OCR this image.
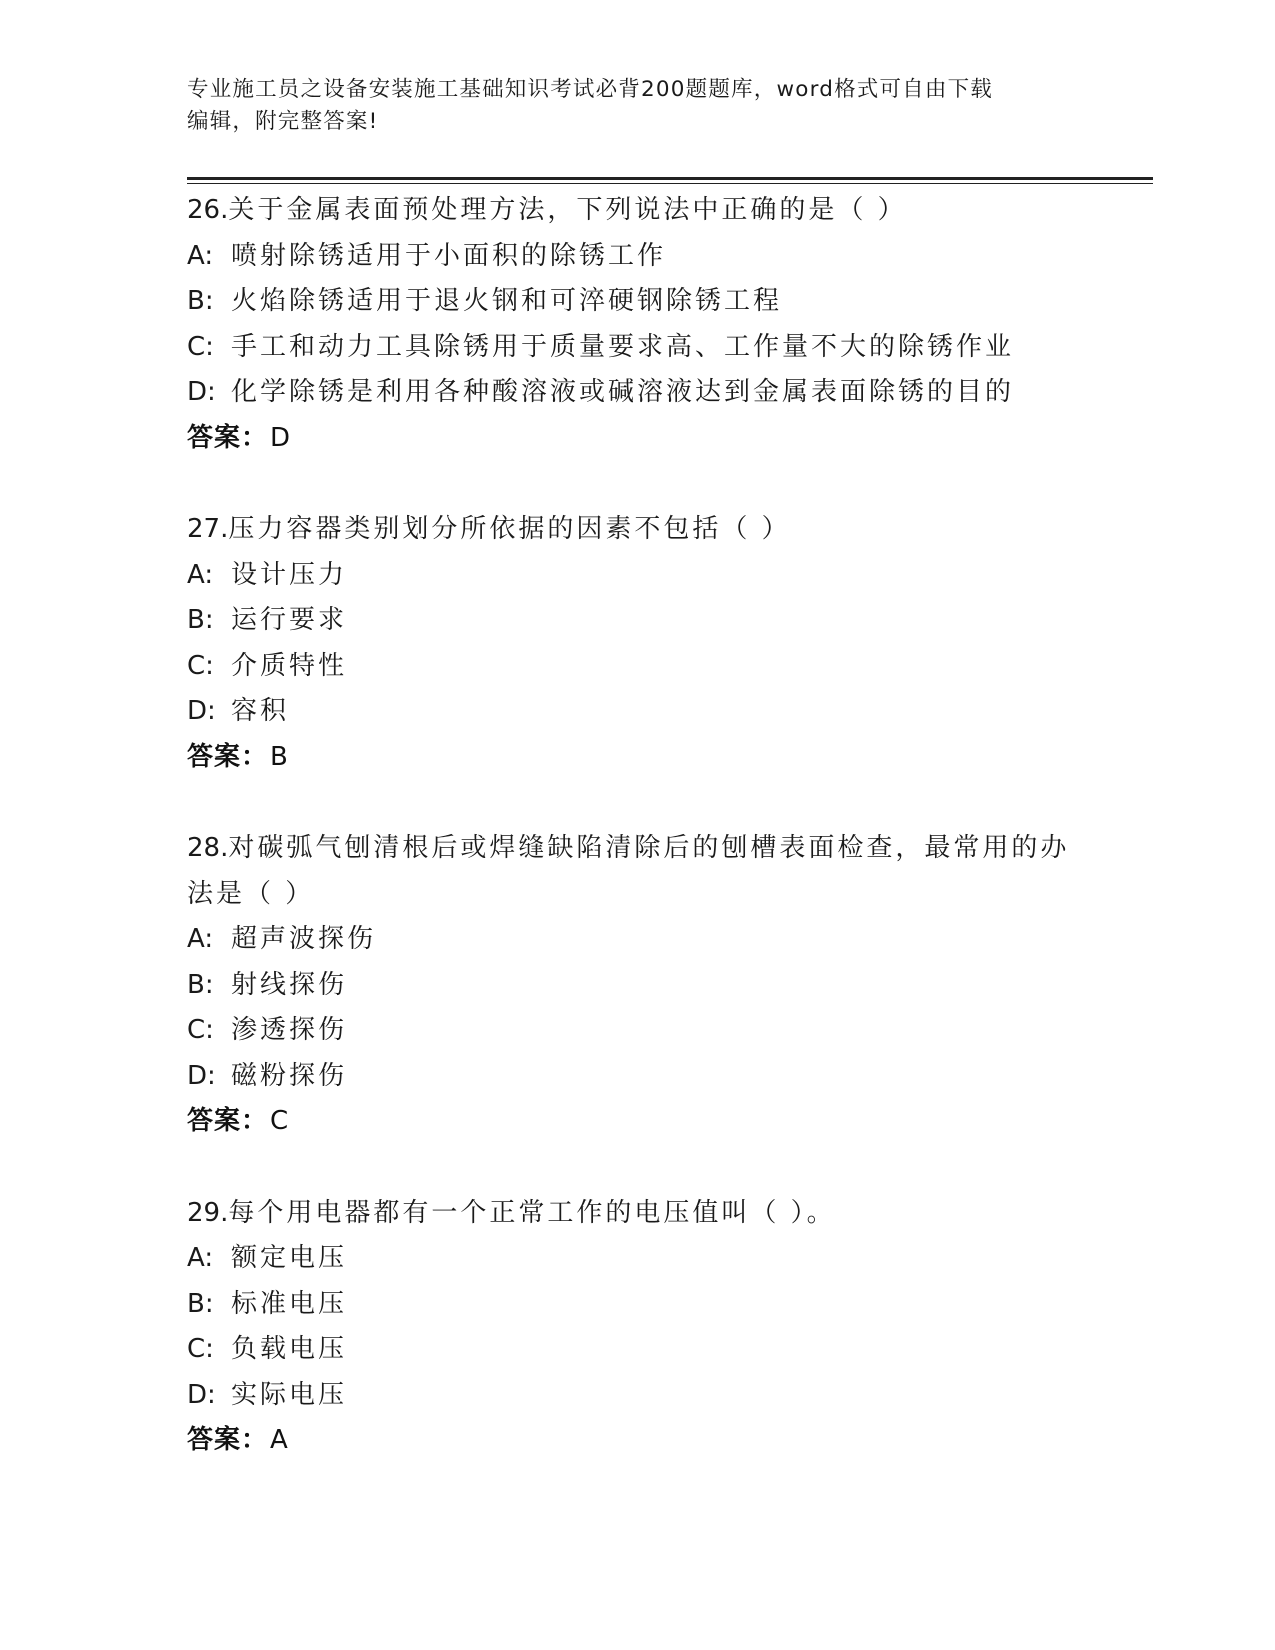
专业施工员之设备安装施工基础知识考试必背200题题库，word格式可自由下载
编辑，附完整答案!
26.关于金属表面预处理方法，下列说法中正确的是（ ）
A: 喷射除锈适用于小面积的除锈工作
B: 火焰除锈适用于退火钢和可淬硬钢除锈工程
C: 手工和动力工具除锈用于质量要求高、工作量不大的除锈作业
D: 化学除锈是利用各种酸溶液或碱溶液达到金属表面除锈的目的
答案：D
27.压力容器类别划分所依据的因素不包括（ ）
A: 设计压力
B: 运行要求
C: 介质特性
D: 容积
答案：B
28.对碳弧气刨清根后或焊缝缺陷清除后的刨槽表面检查，最常用的办法是（ ）
A: 超声波探伤
B: 射线探伤
C: 渗透探伤
D: 磁粉探伤
答案：C
29.每个用电器都有一个正常工作的电压值叫（ ）。
A: 额定电压
B: 标准电压
C: 负载电压
D: 实际电压
答案：A
